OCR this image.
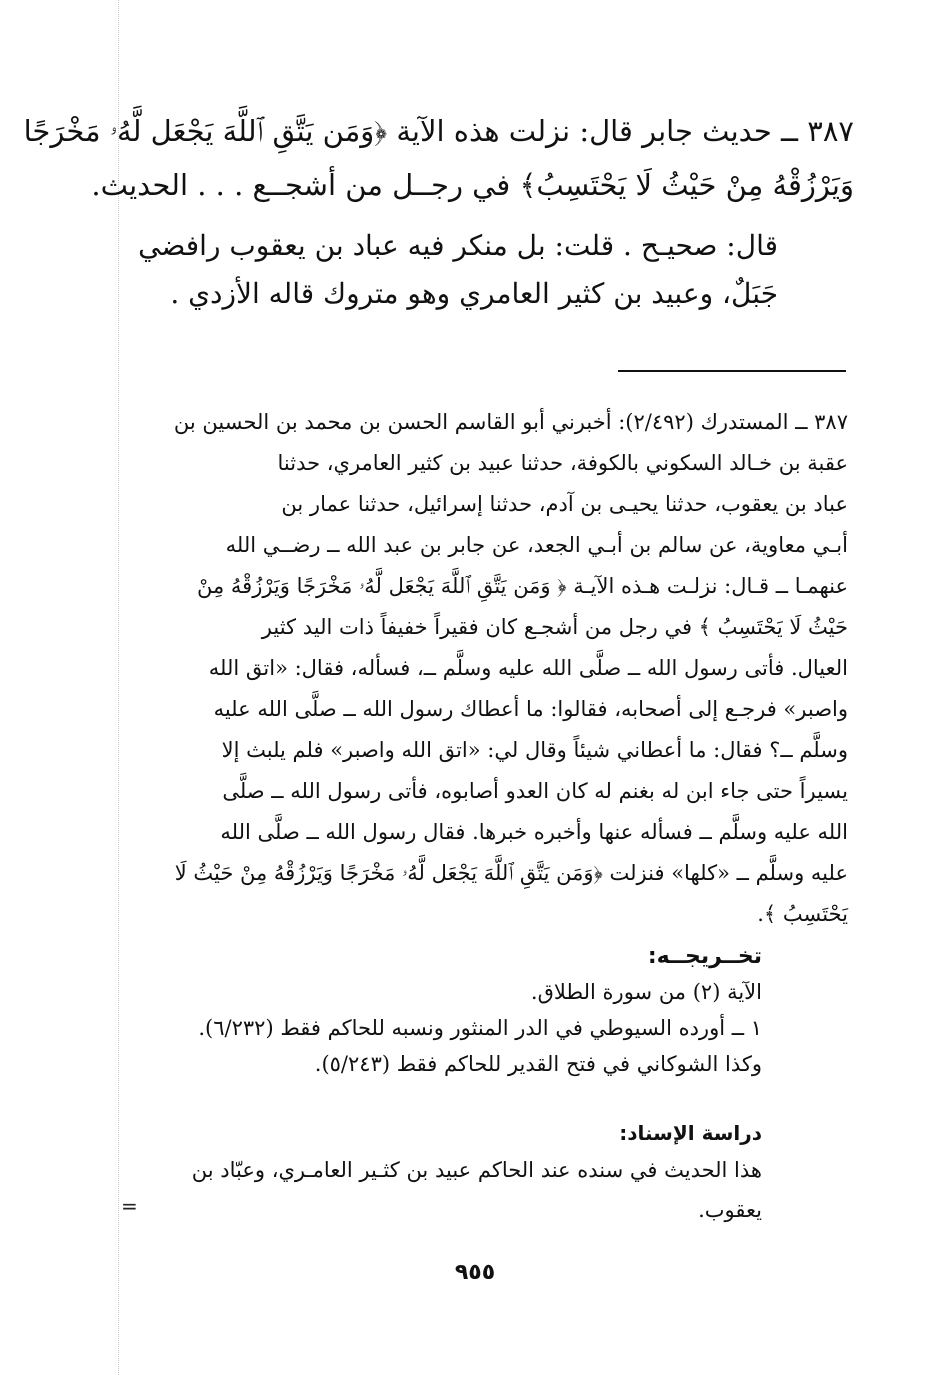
=

٣٨٧ ــ حديث جابر قال: نزلت هذه الآية ﴿وَمَن يَتَّقِ ٱللَّهَ يَجْعَل لَّهُۥ مَخْرَجًا

وَيَرْزُقْهُ مِنْ حَيْثُ لَا يَحْتَسِبُ﴾ في رجــل من أشجــع . . . الحديث.

قال: صحيـح . قلت: بل منكر فيه عباد بن يعقوب رافضي

جَبَلٌ، وعبيد بن كثير العامري وهو متروك قاله الأزدي .

٣٨٧ ــ المستدرك (٢/٤٩٢): أخبرني أبو القاسم الحسن بن محمد بن الحسين بن

عقبة بن خـالد السكوني بالكوفة، حدثنا عبيد بن كثير العامري، حدثنا

عباد بن يعقوب، حدثنا يحيـى بن آدم، حدثنا إسرائيل، حدثنا عمار بن

أبـي معاوية، عن سالم بن أبـي الجعد، عن جابر بن عبد الله ــ رضــي الله

عنهمـا ــ قـال: نزلـت هـذه الآيـة ﴿ وَمَن يَتَّقِ ٱللَّهَ يَجْعَل لَّهُۥ مَخْرَجًا وَيَرْزُقْهُ مِنْ

حَيْثُ لَا يَحْتَسِبُ ﴾ في رجل من أشجـع كان فقيراً خفيفاً ذات اليد كثير

العيال. فأتى رسول الله ــ صلَّى الله عليه وسلَّم ــ، فسأله، فقال: «اتق الله

واصبر» فرجـع إلى أصحابه، فقالوا: ما أعطاك رسول الله ــ صلَّى الله عليه

وسلَّم ــ؟ فقال: ما أعطاني شيئاً وقال لي: «اتق الله واصبر» فلم يلبث إلا

يسيراً حتى جاء ابن له بغنم له كان العدو أصابوه، فأتى رسول الله ــ صلَّى

الله عليه وسلَّم ــ فسأله عنها وأخبره خبرها. فقال رسول الله ــ صلَّى الله

عليه وسلَّم ــ «كلها» فنزلت ﴿وَمَن يَتَّقِ ٱللَّهَ يَجْعَل لَّهُۥ مَخْرَجًا وَيَرْزُقْهُ مِنْ حَيْثُ لَا

يَحْتَسِبُ ﴾.

تخــريجــه:

الآية (٢) من سورة الطلاق.

١ ــ أورده السيوطي في الدر المنثور ونسبه للحاكم فقط (٦/٢٣٢).

وكذا الشوكاني في فتح القدير للحاكم فقط (٥/٢٤٣).

دراسة الإسناد:

هذا الحديث في سنده عند الحاكم عبيد بن كثـير العامـري، وعبّاد بن

يعقوب.

٩٥٥
